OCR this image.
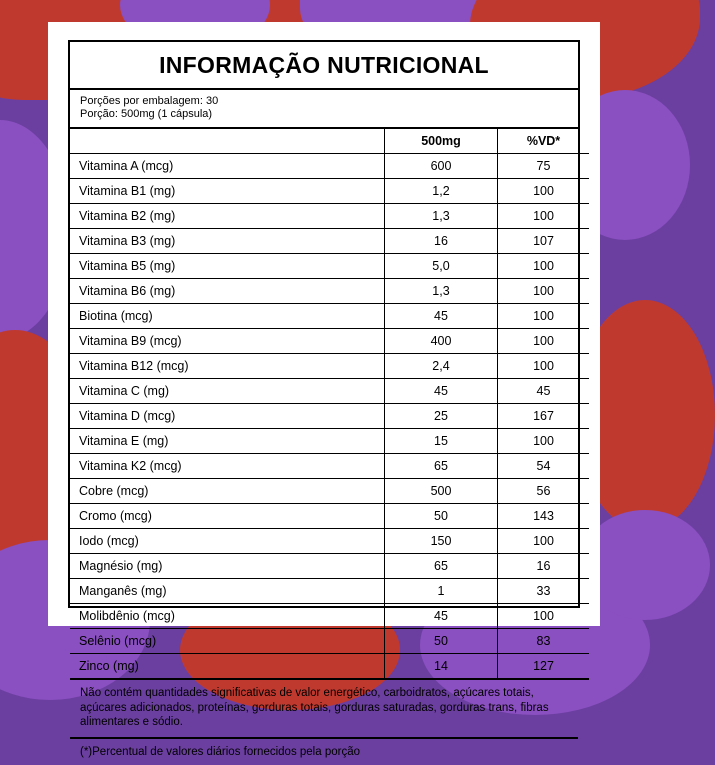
INFORMAÇÃO NUTRICIONAL
Porções por embalagem: 30
Porção: 500mg (1 cápsula)
	500mg	%VD*
Vitamina A (mcg)	600	75
Vitamina B1 (mg)	1,2	100
Vitamina B2 (mg)	1,3	100
Vitamina B3 (mg)	16	107
Vitamina B5 (mg)	5,0	100
Vitamina B6 (mg)	1,3	100
Biotina (mcg)	45	100
Vitamina B9 (mcg)	400	100
Vitamina B12 (mcg)	2,4	100
Vitamina C (mg)	45	45
Vitamina D (mcg)	25	167
Vitamina E (mg)	15	100
Vitamina K2 (mcg)	65	54
Cobre (mcg)	500	56
Cromo (mcg)	50	143
Iodo (mcg)	150	100
Magnésio (mg)	65	16
Manganês (mg)	1	33
Molibdênio (mcg)	45	100
Selênio (mcg)	50	83
Zinco (mg)	14	127
Não contém quantidades significativas de valor energético, carboidratos, açúcares totais, açúcares adicionados, proteínas, gorduras totais, gorduras saturadas, gorduras trans, fibras alimentares e sódio.
(*)Percentual de valores diários fornecidos pela porção
